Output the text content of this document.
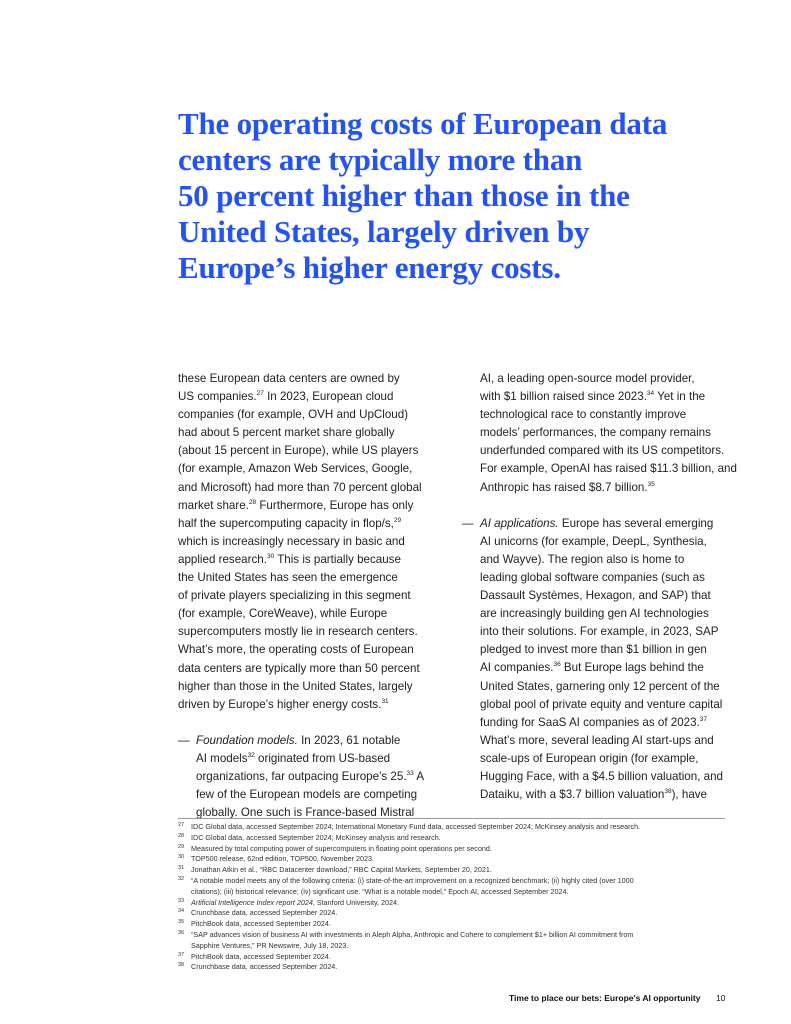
The operating costs of European data
centers are typically more than
50 percent higher than those in the
United States, largely driven by
Europe’s higher energy costs.
these European data centers are owned by
US companies.$^{27}$ In 2023, European cloud
companies (for example, OVH and UpCloud)
had about 5 percent market share globally
(about 15 percent in Europe), while US players
(for example, Amazon Web Services, Google,
and Microsoft) had more than 70 percent global
market share.$^{28}$ Furthermore, Europe has only
half the supercomputing capacity in flop/s,$^{29}$
which is increasingly necessary in basic and
applied research.$^{30}$ This is partially because
the United States has seen the emergence
of private players specializing in this segment
(for example, CoreWeave), while Europe
supercomputers mostly lie in research centers.
What’s more, the operating costs of European
data centers are typically more than 50 percent
higher than those in the United States, largely
driven by Europe’s higher energy costs.$^{31}$
— Foundation models. In 2023, 61 notable
AI models$^{32}$ originated from US-based
organizations, far outpacing Europe’s 25.33 A
few of the European models are competing
globally. One such is France-based Mistral
AI, a leading open-source model provider,
with $1 billion raised since 2023.34 Yet in the
technological race to constantly improve
models’ performances, the company remains
underfunded compared with its US competitors.
For example, OpenAI has raised $11.3 billion, and
Anthropic has raised $8.7 billion.$^{35}$
— AI applications. Europe has several emerging
AI unicorns (for example, DeepL, Synthesia,
and Wayve). The region also is home to
leading global software companies (such as
Dassault Systèmes, Hexagon, and SAP) that
are increasingly building gen AI technologies
into their solutions. For example, in 2023, SAP
pledged to invest more than $1 billion in gen
AI companies.$^{36}$ But Europe lags behind the
United States, garnering only 12 percent of the
global pool of private equity and venture capital
funding for SaaS AI companies as of 2023.37
What’s more, several leading AI start-ups and
scale-ups of European origin (for example,
Hugging Face, with a $4.5 billion valuation, and
Dataiku, with a $3.7 billion valuation$^{38}$), have
27 IDC Global data, accessed September 2024; International Monetary Fund data, accessed September 2024; McKinsey analysis and research.
28 IDC Global data, accessed September 2024; McKinsey analysis and research.
29 Measured by total computing power of supercomputers in floating point operations per second.
30 TOP500 release, 62nd edition, TOP500, November 2023.
31 Jonathan Atkin et al., “RBC Datacenter download,” RBC Capital Markets, September 20, 2021.
32 “A notable model meets any of the following criteria: (i) state-of-the-art improvement on a recognized benchmark; (ii) highly cited (over 1000
citations); (iii) historical relevance; (iv) significant use. “What is a notable model,” Epoch AI, accessed September 2024.
33 Artificial Intelligence Index report 2024, Stanford University, 2024.
34 Crunchbase data, accessed September 2024.
35 PitchBook data, accessed September 2024.
36 “SAP advances vision of business AI with investments in Aleph Alpha, Anthropic and Cohere to complement $1+ billion AI commitment from
Sapphire Ventures,” PR Newswire, July 18, 2023.
37 PitchBook data, accessed September 2024.
38 Crunchbase data, accessed September 2024.
Time to place our bets: Europe’s AI opportunity 10
